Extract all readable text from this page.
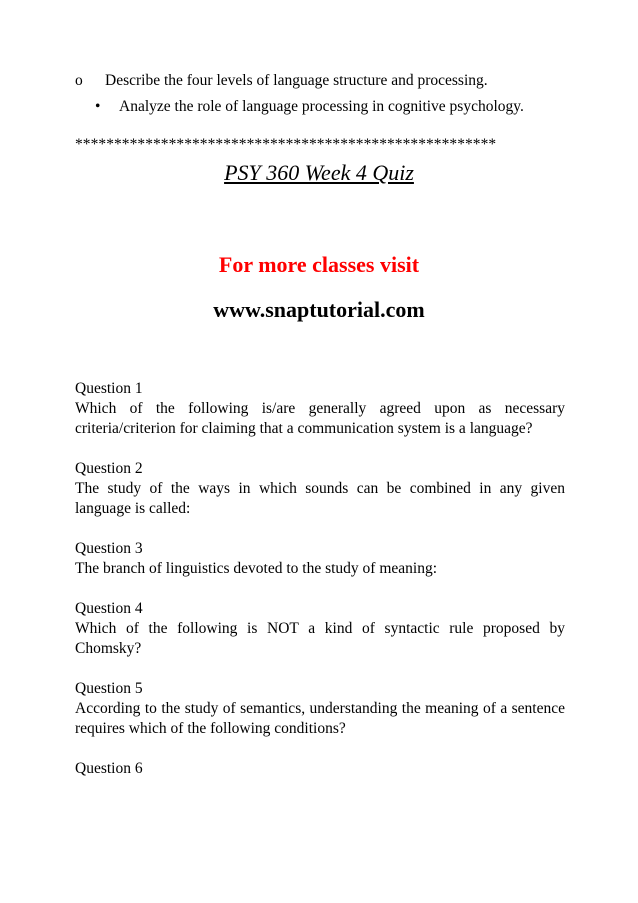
o Describe the four levels of language structure and processing.
•	Analyze the role of language processing in cognitive psychology.
******************************************************
PSY 360 Week 4 Quiz
For more classes visit
www.snaptutorial.com
Question 1
Which of the following is/are generally agreed upon as necessary criteria/criterion for claiming that a communication system is a language?
Question 2
The study of the ways in which sounds can be combined in any given language is called:
Question 3
The branch of linguistics devoted to the study of meaning:
Question 4
Which of the following is NOT a kind of syntactic rule proposed by Chomsky?
Question 5
According to the study of semantics, understanding the meaning of a sentence requires which of the following conditions?
Question 6
